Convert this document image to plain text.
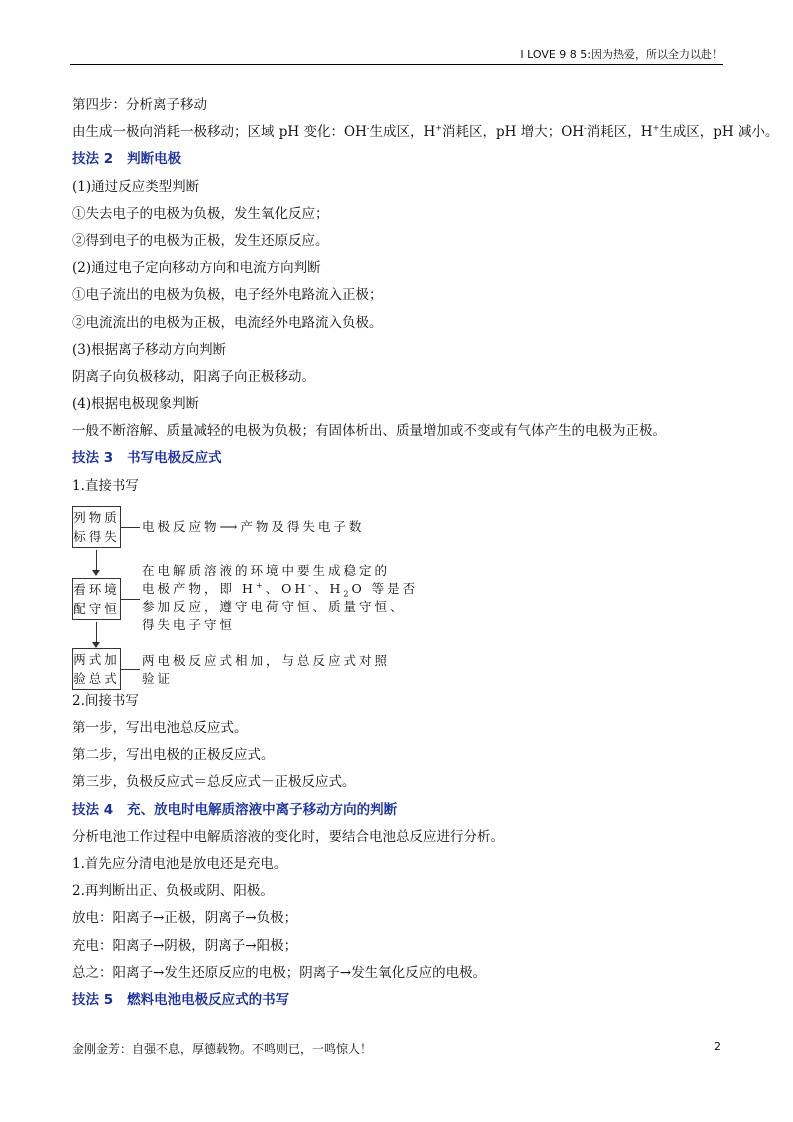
I LOVE 9 8 5:因为热爱，所以全力以赴！
第四步：分析离子移动
由生成一极向消耗一极移动；区域 pH 变化：OH-生成区，H+消耗区，pH 增大；OH-消耗区，H+生成区，pH 减小。
技法 2 判断电极
(1)通过反应类型判断
①失去电子的电极为负极，发生氧化反应；
②得到电子的电极为正极，发生还原反应。
(2)通过电子定向移动方向和电流方向判断
①电子流出的电极为负极，电子经外电路流入正极；
②电流流出的电极为正极，电流经外电路流入负极。
(3)根据离子移动方向判断
阴离子向负极移动，阳离子向正极移动。
(4)根据电极现象判断
一般不断溶解、质量减轻的电极为负极；有固体析出、质量增加或不变或有气体产生的电极为正极。
技法 3 书写电极反应式
1.直接书写
列物质
标得失
电极反应物⟶产物及得失电子数
看环境
配守恒
在电解质溶液的环境中要生成稳定的
电极产物，即 H+、OH-、$H_2O$ 等是否
参加反应，遵守电荷守恒、质量守恒、
得失电子守恒
两式加
验总式
两电极反应式相加，与总反应式对照
验证
2.间接书写
第一步，写出电池总反应式。
第二步，写出电极的正极反应式。
第三步，负极反应式＝总反应式－正极反应式。
技法 4 充、放电时电解质溶液中离子移动方向的判断
分析电池工作过程中电解质溶液的变化时，要结合电池总反应进行分析。
1.首先应分清电池是放电还是充电。
2.再判断出正、负极或阴、阳极。
放电：阳离子→正极，阴离子→负极；
充电：阳离子→阴极，阴离子→阳极；
总之：阳离子→发生还原反应的电极；阴离子→发生氧化反应的电极。
技法 5 燃料电池电极反应式的书写
金刚金芳：自强不息，厚德载物。不鸣则已，一鸣惊人！	2
